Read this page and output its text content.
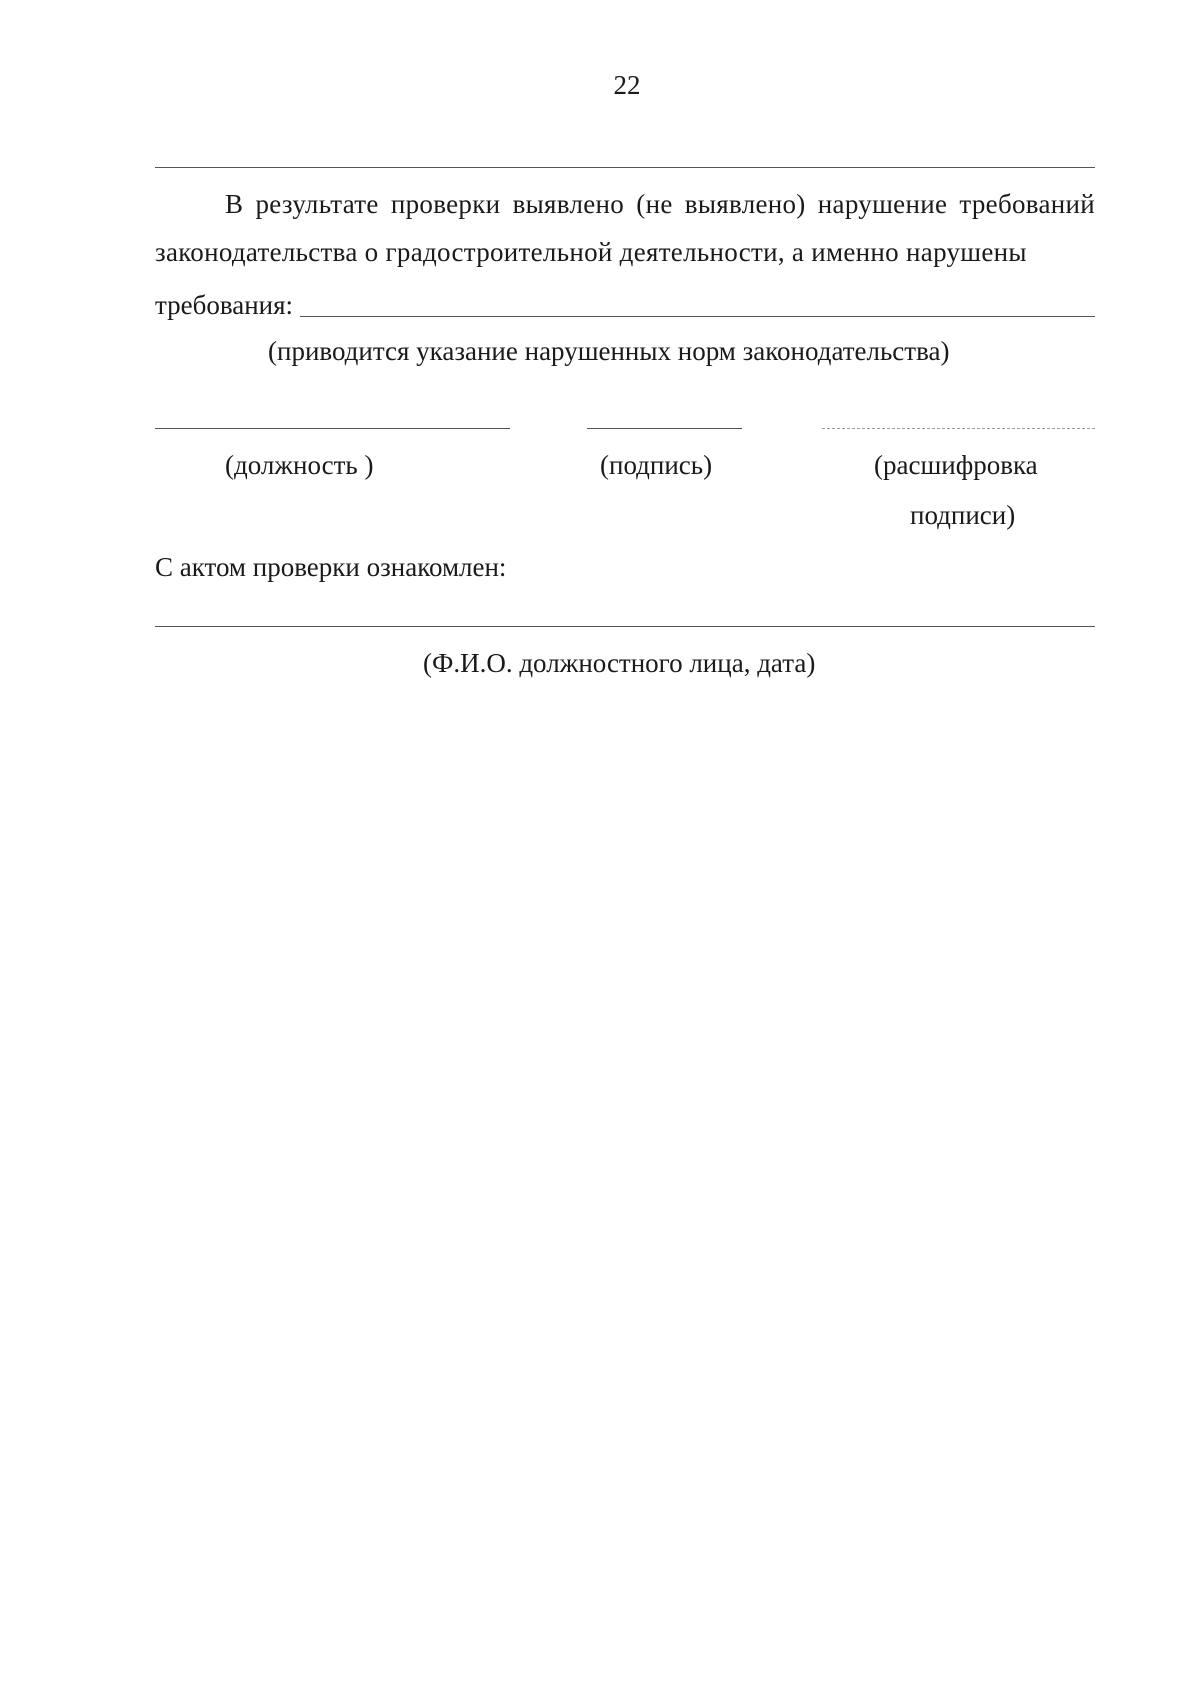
22
В результате проверки выявлено (не выявлено) нарушение требований законодательства о градостроительной деятельности, а именно нарушены
требования:
(приводится указание нарушенных норм законодательства)
(должность )	(подпись)	(расшифровка
подписи)
С актом проверки ознакомлен:
(Ф.И.О. должностного лица, дата)
